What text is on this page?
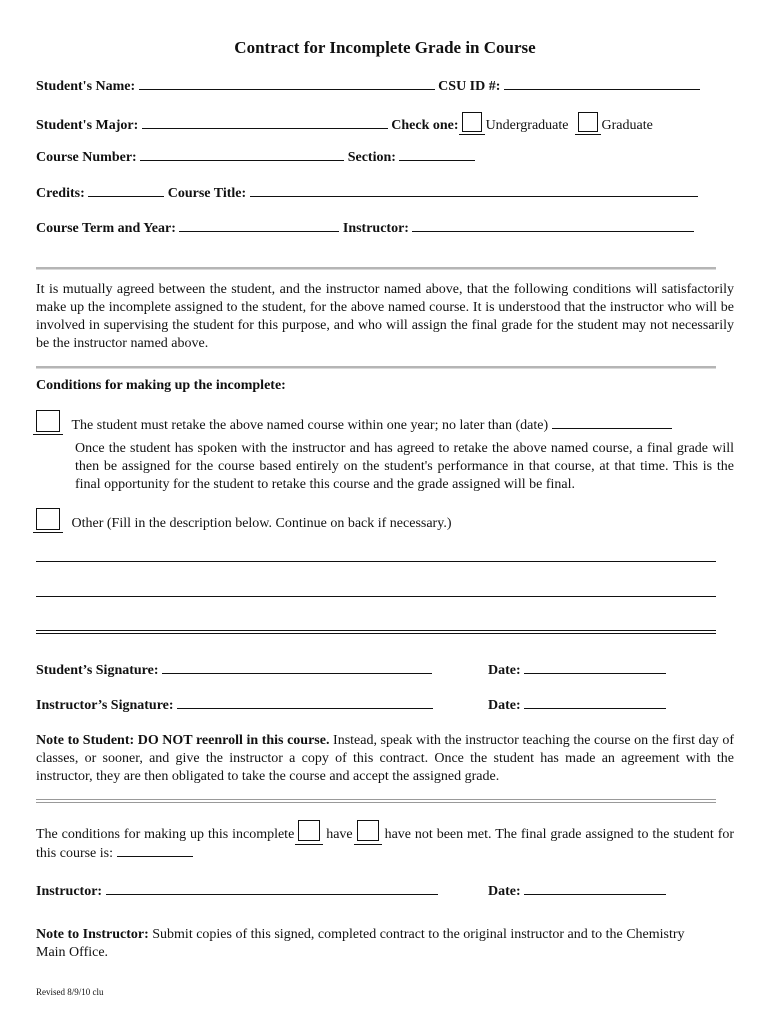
Contract for Incomplete Grade in Course
Student's Name:	CSU ID #:
Student's Major:	Check one: Undergraduate Graduate
Course Number:	Section:
Credits:	Course Title:
Course Term and Year:	Instructor:
It is mutually agreed between the student, and the instructor named above, that the following conditions will satisfactorily make up the incomplete assigned to the student, for the above named course. It is understood that the instructor who will be involved in supervising the student for this purpose, and who will assign the final grade for the student may not necessarily be the instructor named above.
Conditions for making up the incomplete:
The student must retake the above named course within one year; no later than (date)
Once the student has spoken with the instructor and has agreed to retake the above named course, a final grade will then be assigned for the course based entirely on the student's performance in that course, at that time. This is the final opportunity for the student to retake this course and the grade assigned will be final.
Other (Fill in the description below. Continue on back if necessary.)
Student’s Signature:	Date:
Instructor’s Signature:	Date:
Note to Student: DO NOT reenroll in this course. Instead, speak with the instructor teaching the course on the first day of classes, or sooner, and give the instructor a copy of this contract. Once the student has made an agreement with the instructor, they are then obligated to take the course and accept the assigned grade.
The conditions for making up this incomplete have have not been met. The final grade assigned to the student for this course is:
Instructor:	Date:
Note to Instructor: Submit copies of this signed, completed contract to the original instructor and to the Chemistry Main Office.
Revised 8/9/10 clu
